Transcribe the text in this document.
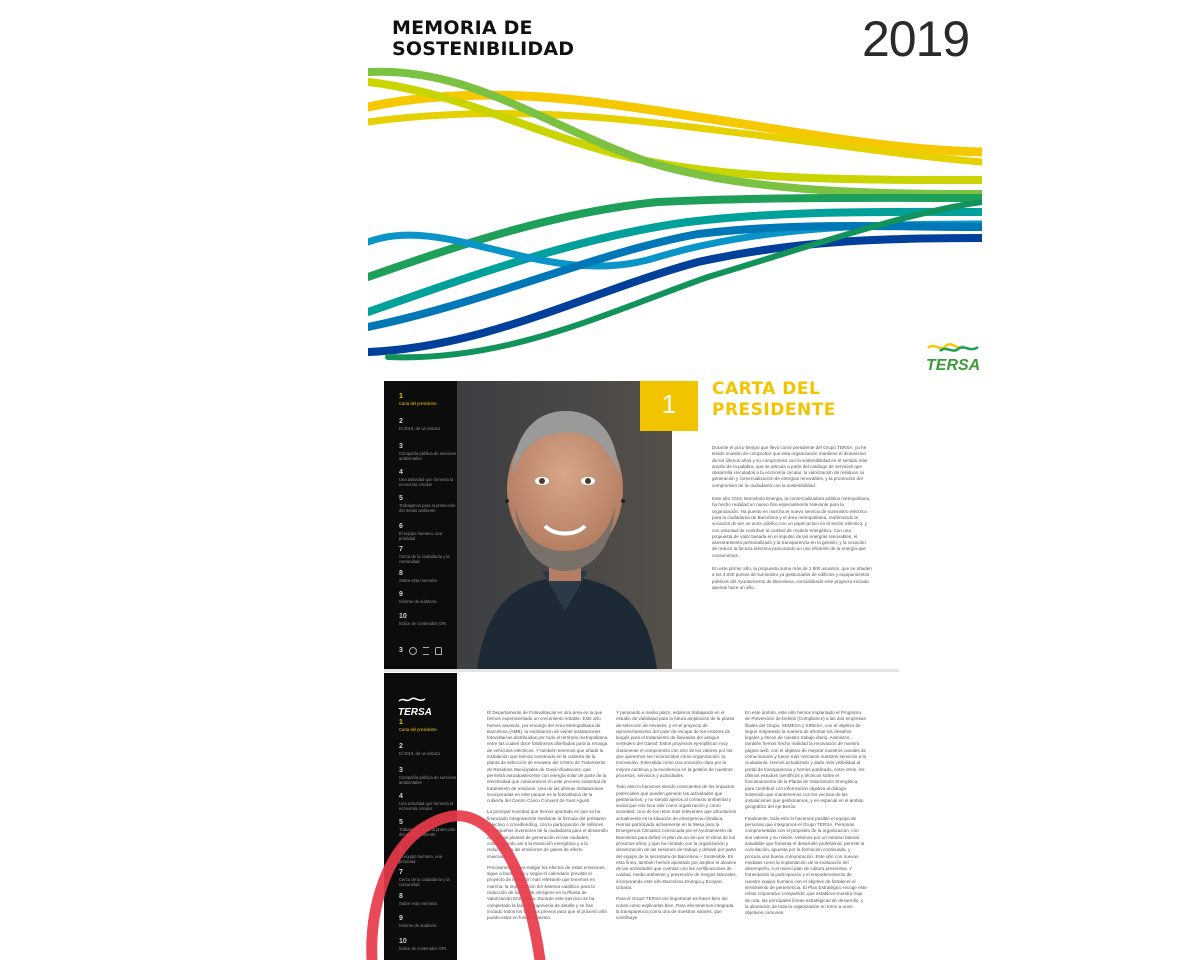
MEMORIA DE
SOSTENIBILIDAD	2019
TERSA
1
Carta del presidente
2
El 2019, de un vistazo
3
Compañía pública de servicios ambientales
4
Una actividad que fomenta la economía circular
5
Trabajamos para la protección del medio ambiente
6
El equipo humano, una prioridad
7
Cerca de la ciudadanía y la comunidad
8
Sobre esta memoria
9
Informe de auditoría
10
Índice de contenidos GRI
3
1	CARTA DEL
PRESIDENTE

Durante el poco tiempo que llevo como presidente del Grupo TERSA, ya he tenido ocasión de comprobar que esta organización mantiene el dinamismo de los últimos años y su compromiso con la sostenibilidad en el sentido más amplio de la palabra, que se articula a partir del catálogo de servicios que desarrolla vinculados a la economía circular, la valorización de residuos, la generación y comercialización de energías renovables, y la promoción del compromiso de la ciudadanía con la sostenibilidad.

Este año 2019, Barcelona Energia, la comercializadora pública metropolitana, ha hecho realidad un nuevo hito especialmente relevante para la organización. Ha puesto en marcha el nuevo servicio de suministro eléctrico para la ciudadanía de Barcelona y el área metropolitana, reafirmando la vocación de ser un actor público con un papel activo en el sector eléctrico, y con voluntad de contribuir al cambio de modelo energético. Con una propuesta de valor basada en el impulso de las energías renovables, el asesoramiento personalizado y la transparencia en la gestión, y la vocación de reducir la factura eléctrica procurando un uso eficiente de la energía que consumimos.

En este primer año, la propuesta suma más de 1.500 usuarios, que se añaden a los 4.000 puntos de suministro ya gestionados de edificios y equipamientos públicos del Ayuntamiento de Barcelona, consolidando este proyecto iniciado apenas hace un año.

TERSA
1
Carta del presidente
2
El 2019, de un vistazo
3
Compañía pública de servicios ambientales
4
Una actividad que fomenta la economía circular
5
Trabajamos para la protección del medio ambiente
6
El equipo humano, una prioridad
7
Cerca de la ciudadanía y la comunidad
8
Sobre esta memoria
9
Informe de auditoría
10
Índice de contenidos GRI

El Departamento de Fotovoltaicas es otra área en la que hemos experimentado un crecimiento notable. Este año hemos asumido, por encargo del Área Metropolitana de Barcelona (AMB), la explotación de veinte instalaciones fotovoltaicas distribuidas por todo el territorio metropolitano, entre las cuales doce fotolineras diseñadas para la recarga de vehículos eléctricos. Y también tenemos que añadir la instalación que hemos construido en la cubierta de la planta de selección de envases del Centro de Tratamiento de Residuos Municipales de Gavà-Viladecans, que permitirá autoabastecerse con energía solar de parte de la electricidad que consumimos en este proceso industrial de tratamiento de residuos. Una de las últimas instalaciones incorporadas en este parque es la fotovoltaica de la cubierta del Centro Cívico Convent de Sant Agustí.

La principal novedad que hemos aportado es que se ha financiado íntegramente mediante la fórmula del préstamo colectivo o crowdlending, con la participación de millones de pequeños inversores de la ciudadanía para el desarrollo de nuevas plantas de generación en las ciudades, contribuyendo así a la transición energética y a la reducción de las emisiones de gases de efecto invernadero.

Precisamente para mitigar los efectos de estas emisiones, sigue a buen ritmo y según el calendario previsto el proyecto de inversión más relevante que tenemos en marcha: la implantación del sistema catalítico para la reducción de óxidos de nitrógeno en la Planta de Valorización Energética. Durante este ejercicio se ha completado la fase de ingeniería de detalle y se han iniciado todos los trabajos previos para que el próximo año pueda estar en funcionamiento.

Y pensando a medio plazo, estamos trabajando en el estudio de viabilidad para la futura ampliación de la planta de selección de envases, y en el proyecto de aprovechamiento del calor de escape de los motores de biogás para el tratamiento de lixiviados del antiguo vertedero del Garraf. Estos proyectos ejemplifican muy claramente el compromiso con otro de los valores por los que queremos ser reconocidos como organización: la innovación. Entendida como una vocación clara por la mejora continua y la excelencia en la gestión de nuestros procesos, servicios y actividades.

Todo esto lo hacemos siendo conscientes de los impactos potenciales que pueden generar las actividades que gestionamos, y no siendo ajenos al contexto ambiental y social que nos toca vivir como organización y como sociedad. Uno de los retos más relevantes que afrontamos actualmente es la situación de emergencia climática. Hemos participado activamente en la Mesa para la Emergencia Climática convocada por el Ayuntamiento de Barcelona para definir el plan de acción por el clima de los próximos años, y que ha contado con la organización y dinamización de las sesiones de trabajo y debate por parte del equipo de la secretaría de Barcelona + Sostenible. En esta línea, también hemos apostado por ampliar el alcance de las actividades que cuentan con las certificaciones de calidad, medio ambiente y prevención de riesgos laborales, incorporando este año Barcelona Energia y Ecoparc Urbana.

Para el Grupo TERSA tan importante es hacer bien las cosas como explicarlas bien. Para ello tenemos integrada la transparencia como uno de nuestros valores, que contribuye

En este ámbito, este año hemos implantado el Programa de Prevención de Delitos (Compliance) a las dos empresas filiales del Grupo, SEMESA y SIRESA, con el objetivo de seguir mejorando la manera de afrontar los desafíos legales y éticos de nuestro trabajo diario. Asimismo, también hemos hecho realidad la renovación de nuestra página web, con el objetivo de mejorar nuestros canales de comunicación y hacer más cercanos nuestros servicios a la ciudadanía. Hemos actualizado y dado más visibilidad al portal de transparencia y hemos publicado, entre otros, los últimos estudios científicos y técnicos sobre el funcionamiento de la Planta de Valorización Energética, para contribuir con información objetiva al diálogo sostenido que mantenemos con los vecinos de las instalaciones que gestionamos, y en especial en el ámbito geográfico del eje Besòs.

Finalmente, todo esto lo hacemos posible el equipo de personas que integramos el Grupo TERSA. Personas comprometidas con el propósito de la organización, con sus valores y su misión. Velamos por un entorno laboral saludable que fomenta el desarrollo profesional, permite la conciliación, apuesta por la formación continuada, y procura una buena comunicación. Este año con nuevas medidas como la implantación de la evaluación del desempeño, o el nuevo plan de cultura preventiva. Y fomentando la participación y el empoderamiento de nuestro equipo humano con el objetivo de fortalecer el sentimiento de pertenencia. El Plan Estratégico recoge este relato corporativo compartido, que establece nuestra hoja de ruta, las principales líneas estratégicas de desarrollo, y la alineación de toda la organización en torno a unos objetivos comunes.
